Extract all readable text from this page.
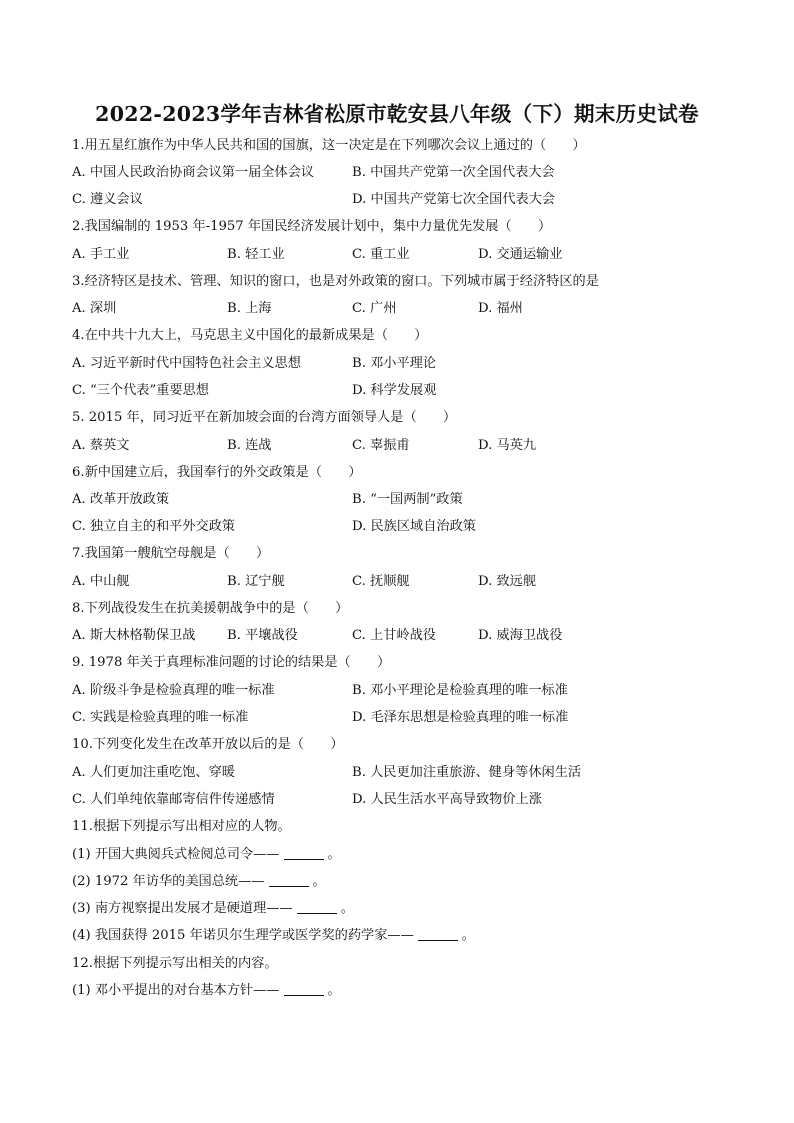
2022-2023学年吉林省松原市乾安县八年级（下）期末历史试卷
1.用五星红旗作为中华人民共和国的国旗，这一决定是在下列哪次会议上通过的（　　）
A. 中国人民政治协商会议第一届全体会议	B. 中国共产党第一次全国代表大会
C. 遵义会议	D. 中国共产党第七次全国代表大会
2.我国编制的 1953 年-1957 年国民经济发展计划中，集中力量优先发展（　　）
A. 手工业	B. 轻工业	C. 重工业	D. 交通运输业
3.经济特区是技术、管理、知识的窗口，也是对外政策的窗口。下列城市属于经济特区的是
A. 深圳	B. 上海	C. 广州	D. 福州
4.在中共十九大上，马克思主义中国化的最新成果是（　　）
A. 习近平新时代中国特色社会主义思想	B. 邓小平理论
C. “三个代表”重要思想	D. 科学发展观
5. 2015 年，同习近平在新加坡会面的台湾方面领导人是（　　）
A. 蔡英文	B. 连战	C. 辜振甫	D. 马英九
6.新中国建立后，我国奉行的外交政策是（　　）
A. 改革开放政策	B. “一国两制”政策
C. 独立自主的和平外交政策	D. 民族区域自治政策
7.我国第一艘航空母舰是（　　）
A. 中山舰	B. 辽宁舰	C. 抚顺舰	D. 致远舰
8.下列战役发生在抗美援朝战争中的是（　　）
A. 斯大林格勒保卫战 B. 平壤战役	C. 上甘岭战役	D. 威海卫战役
9. 1978 年关于真理标准问题的讨论的结果是（　　）
A. 阶级斗争是检验真理的唯一标准	B. 邓小平理论是检验真理的唯一标准
C. 实践是检验真理的唯一标准	D. 毛泽东思想是检验真理的唯一标准
10.下列变化发生在改革开放以后的是（　　）
A. 人们更加注重吃饱、穿暖	B. 人民更加注重旅游、健身等休闲生活
C. 人们单纯依靠邮寄信件传递感情	D. 人民生活水平高导致物价上涨
11.根据下列提示写出相对应的人物。
(1) 开国大典阅兵式检阅总司令——	。
(2) 1972 年访华的美国总统——	。
(3) 南方视察提出发展才是硬道理——	。
(4) 我国获得 2015 年诺贝尔生理学或医学奖的药学家——	。
12.根据下列提示写出相关的内容。
(1) 邓小平提出的对台基本方针——	。
